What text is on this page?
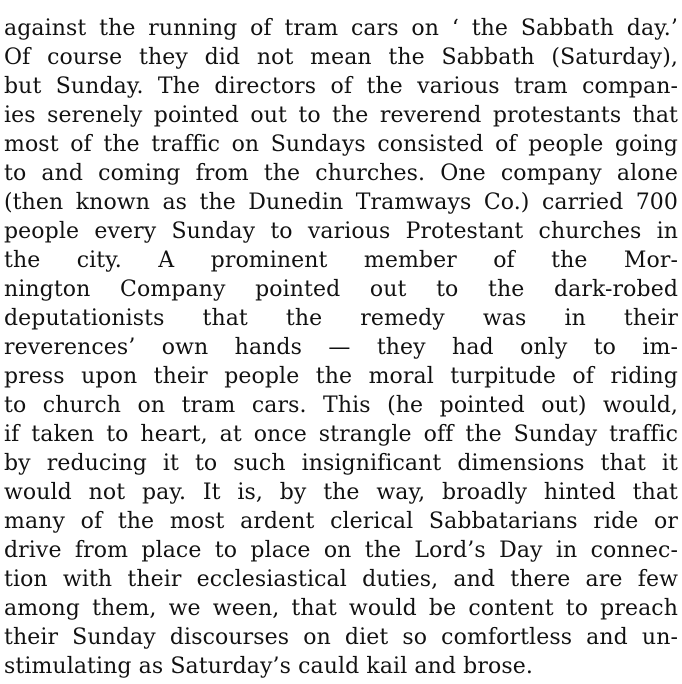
against the running of tram cars on ‘ the Sabbath day.’
Of course they did not mean the Sabbath (Saturday),
but Sunday. The directors of the various tram compan-
ies serenely pointed out to the reverend protestants that
most of the traffic on Sundays consisted of people going
to and coming from the churches. One company alone
(then known as the Dunedin Tramways Co.) carried 700
people every Sunday to various Protestant churches in
the city. A prominent member of the Mor-
nington Company pointed out to the dark-robed
deputationists that the remedy was in their
reverences’ own hands — they had only to im-
press upon their people the moral turpitude of riding
to church on tram cars. This (he pointed out) would,
if taken to heart, at once strangle off the Sunday traffic
by reducing it to such insignificant dimensions that it
would not pay. It is, by the way, broadly hinted that
many of the most ardent clerical Sabbatarians ride or
drive from place to place on the Lord’s Day in connec-
tion with their ecclesiastical duties, and there are few
among them, we ween, that would be content to preach
their Sunday discourses on diet so comfortless and un-
stimulating as Saturday’s cauld kail and brose.
